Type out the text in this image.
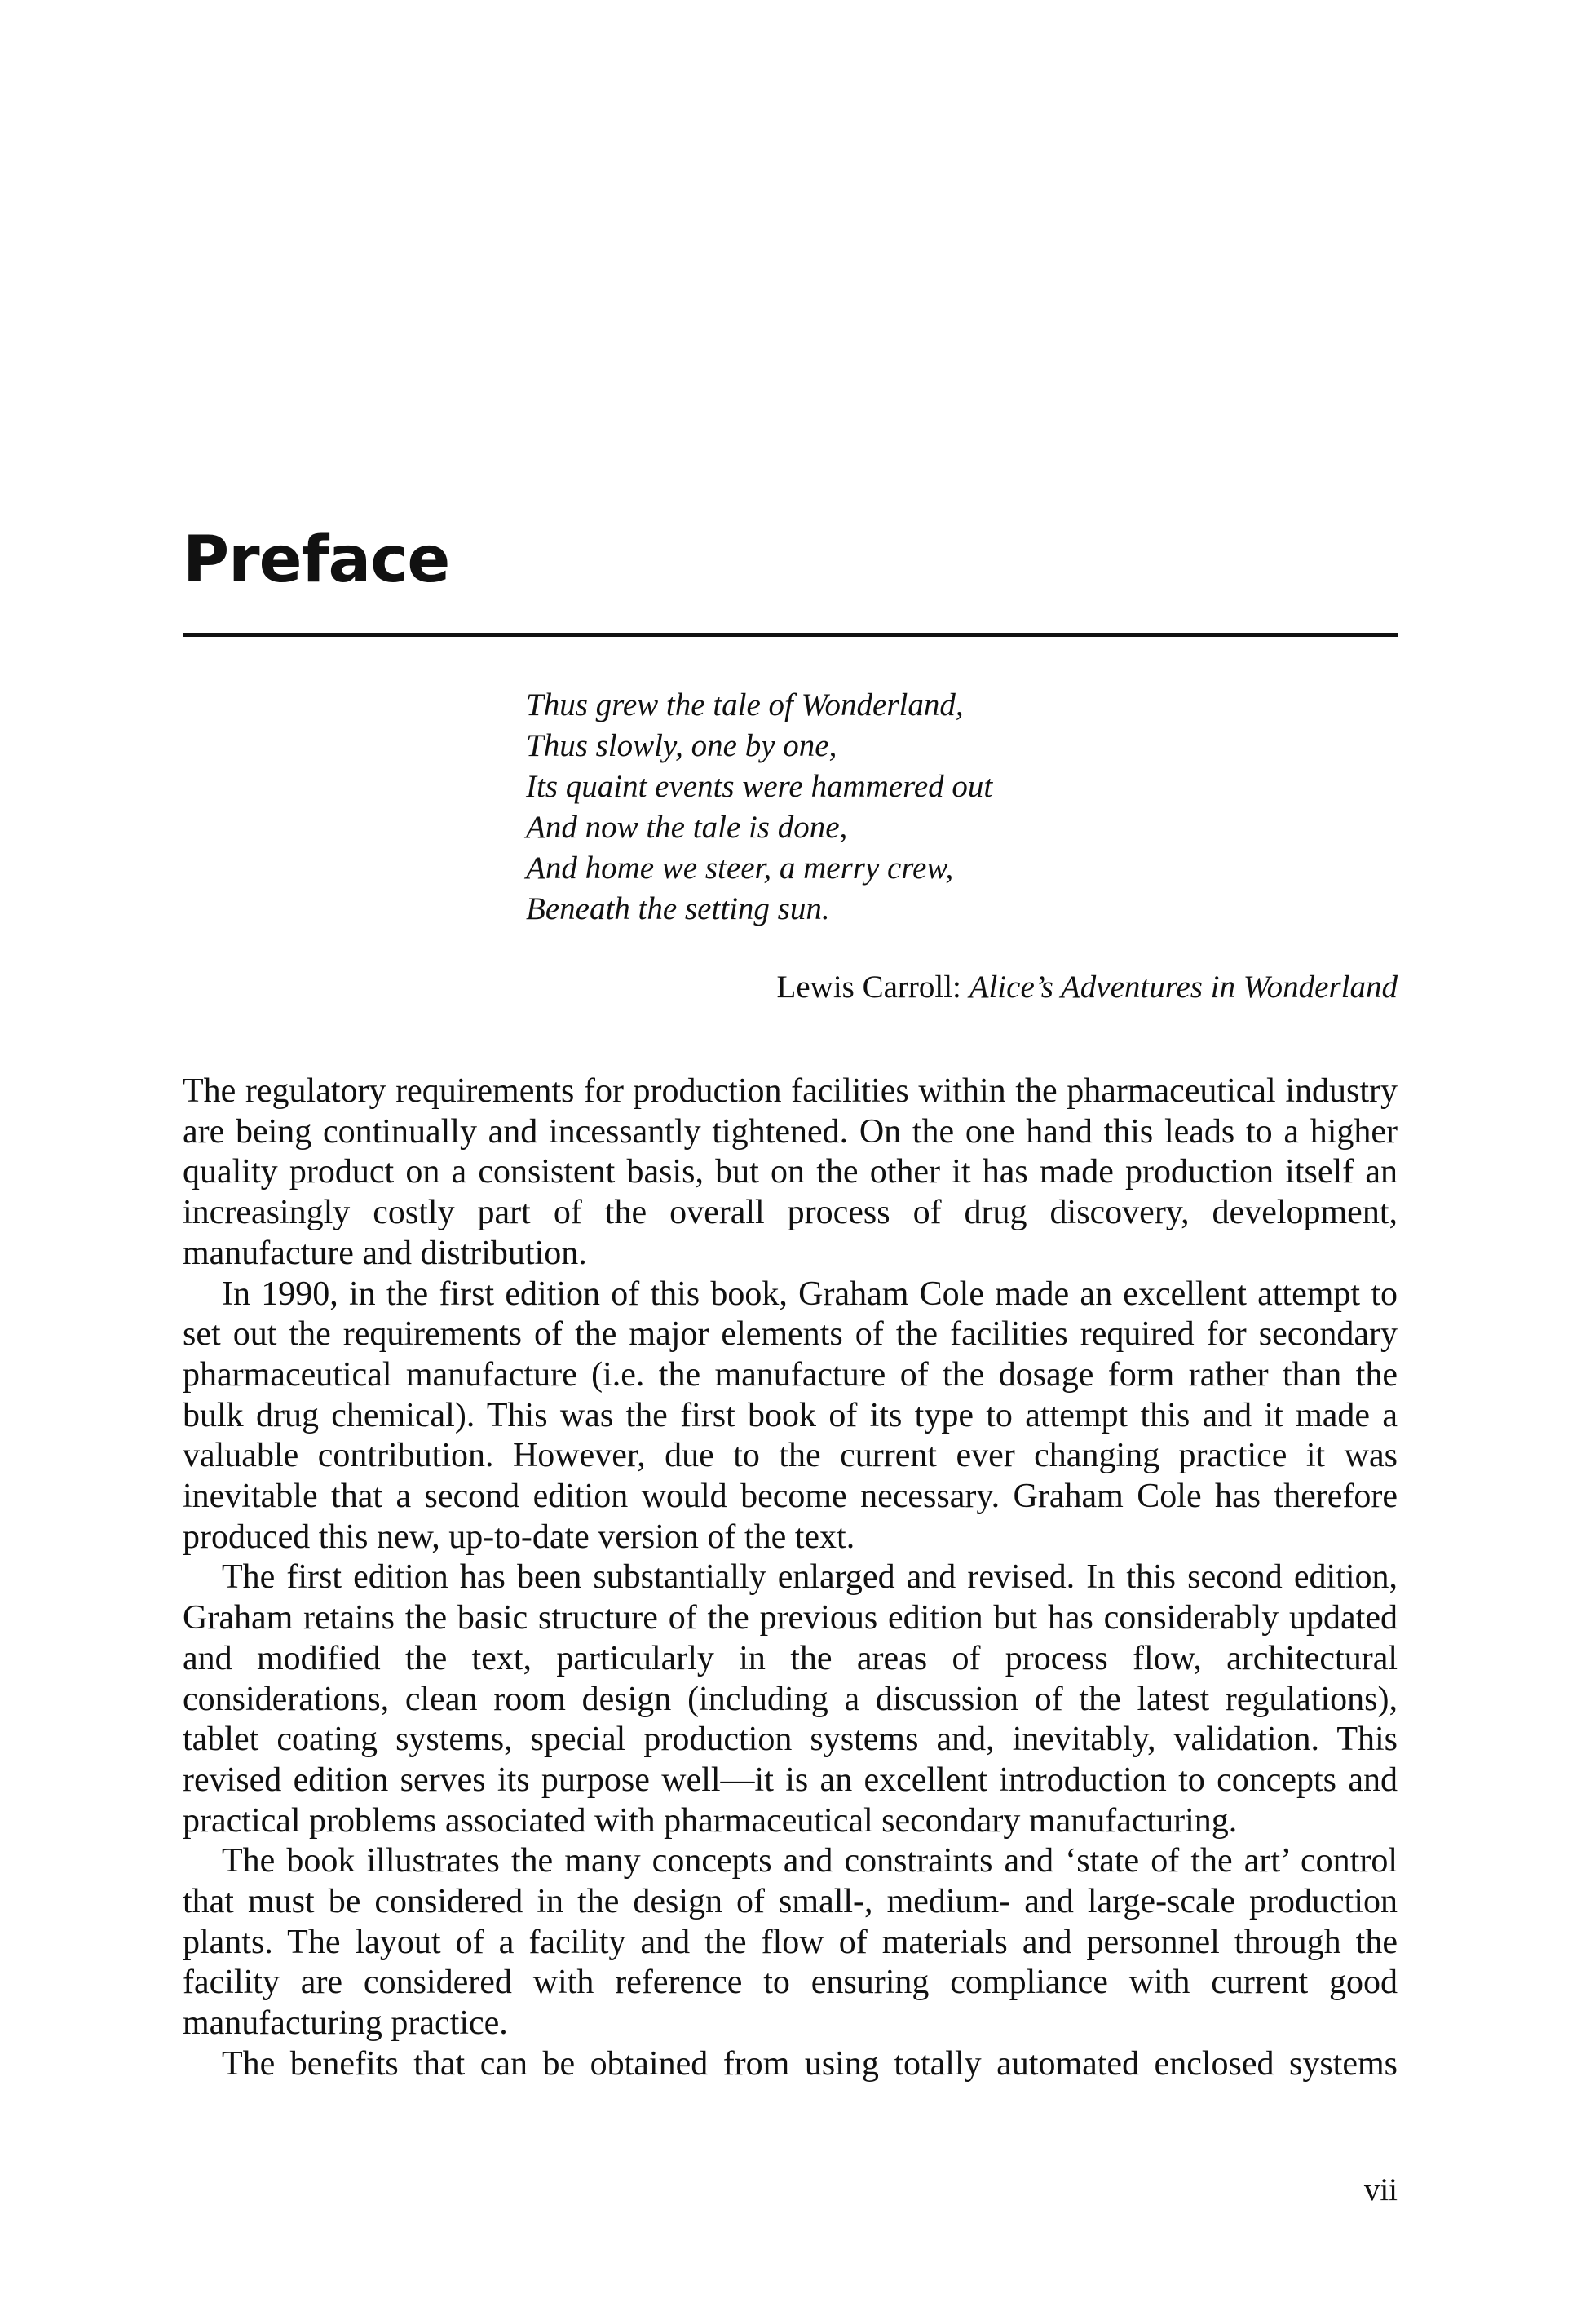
Preface
Thus grew the tale of Wonderland,
Thus slowly, one by one,
Its quaint events were hammered out
And now the tale is done,
And home we steer, a merry crew,
Beneath the setting sun.
Lewis Carroll: Alice’s Adventures in Wonderland

The regulatory requirements for production facilities within the pharmaceutical industry are being continually and incessantly tightened. On the one hand this leads to a higher quality product on a consistent basis, but on the other it has made production itself an increasingly costly part of the overall process of drug discovery, development, manufacture and distribution.

In 1990, in the first edition of this book, Graham Cole made an excellent attempt to set out the requirements of the major elements of the facilities required for secondary pharmaceutical manufacture (i.e. the manufacture of the dosage form rather than the bulk drug chemical). This was the first book of its type to attempt this and it made a valuable contribution. However, due to the current ever changing practice it was inevitable that a second edition would become necessary. Graham Cole has therefore produced this new, up-to-date version of the text.

The first edition has been substantially enlarged and revised. In this second edition, Graham retains the basic structure of the previous edition but has considerably updated and modified the text, particularly in the areas of process flow, architectural considerations, clean room design (including a discussion of the latest regulations), tablet coating systems, special production systems and, inevitably, validation. This revised edition serves its purpose well—it is an excellent introduction to concepts and practical problems associated with pharmaceutical secondary manufacturing.

The book illustrates the many concepts and constraints and ‘state of the art’ control that must be considered in the design of small-, medium- and large-scale production plants. The layout of a facility and the flow of materials and personnel through the facility are considered with reference to ensuring compliance with current good manufacturing practice.

The benefits that can be obtained from using totally automated enclosed systems

vii
